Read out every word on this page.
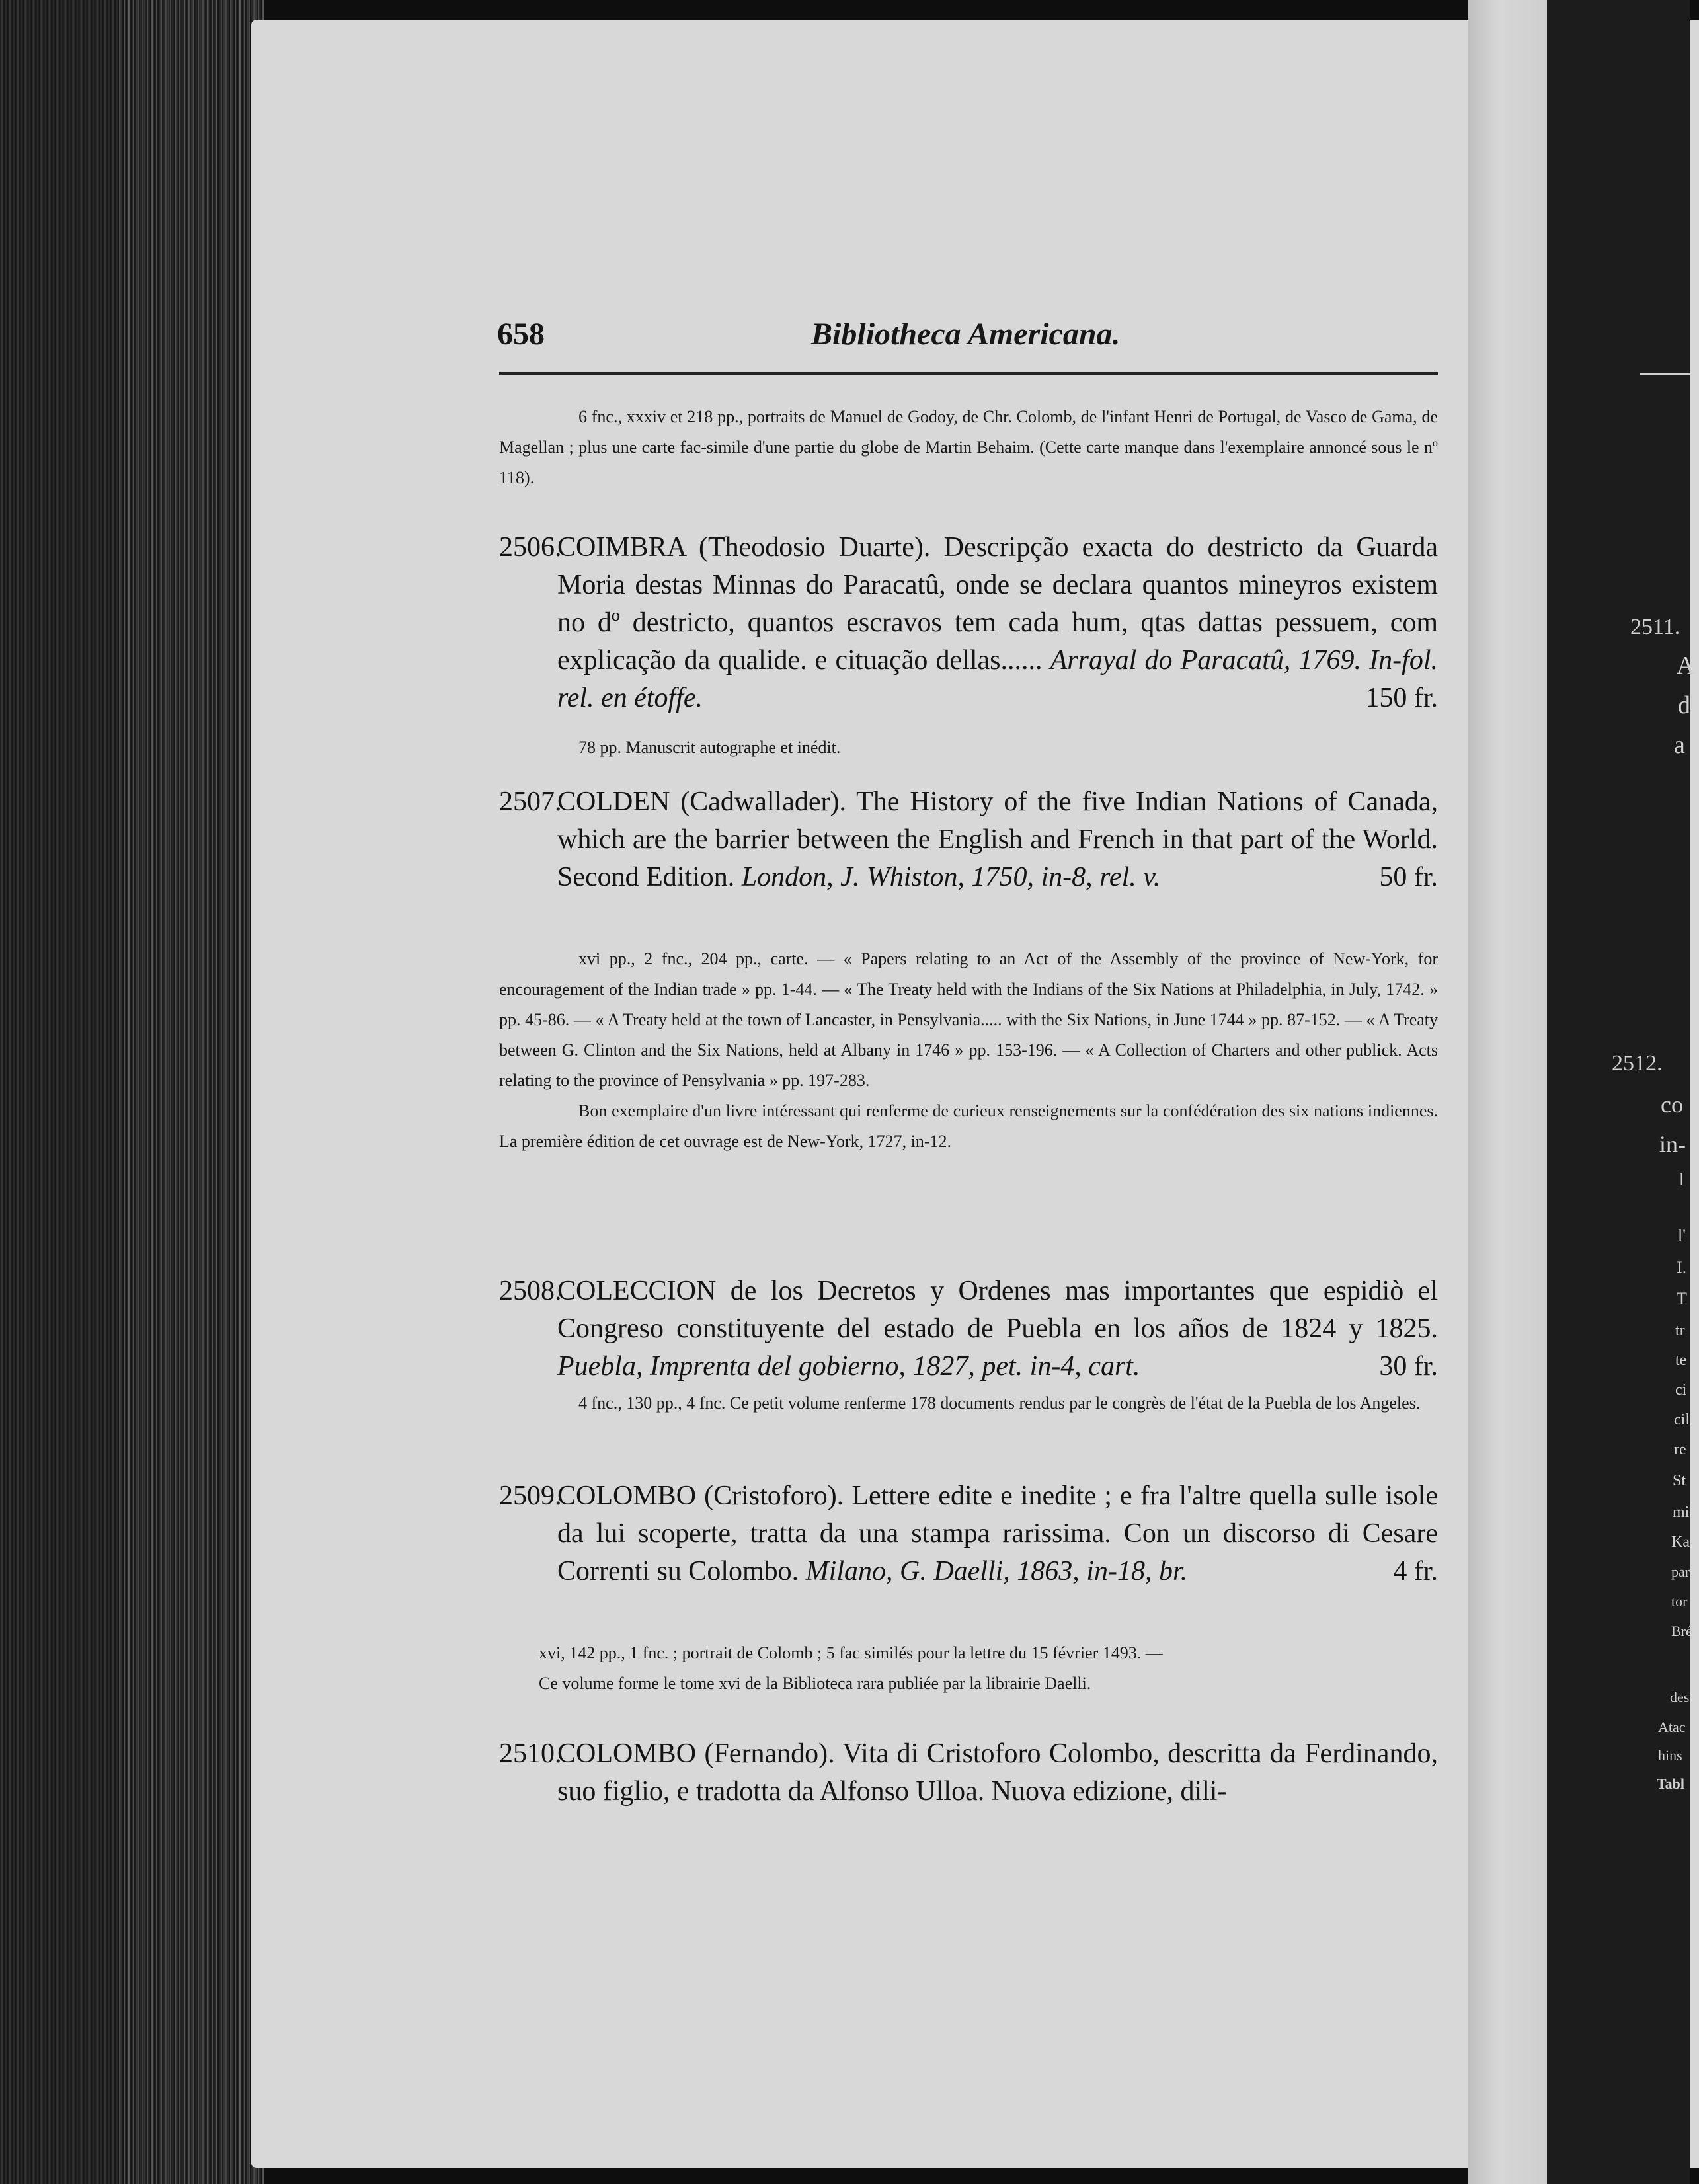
2511.
2512.
A
d
a
co
in-
l
l'
I.
T
tr
te
ci
cil
re
St
mi
Ka
par
tor
Bré
des
Atac
hins
Tabl
658	Bibliotheca Americana.

6 fnc., xxxiv et 218 pp., portraits de Manuel de Godoy, de Chr. Colomb, de l'infant Henri de Portugal, de Vasco de Gama, de Magellan ; plus une carte fac-simile d'une partie du globe de Martin Behaim. (Cette carte manque dans l'exemplaire annoncé sous le nº 118).

2506.
COIMBRA (Theodosio Duarte). Descripção exacta do destricto da Guarda Moria destas Minnas do Paracatû, onde se declara quantos mineyros existem no dº destricto, quantos escravos tem cada hum, qtas dattas pessuem, com explicação da qualide. e cituação dellas...... Arrayal do Paracatû, 1769. In-fol. rel. en étoffe.	150 fr.

78 pp. Manuscrit autographe et inédit.

2507.
COLDEN (Cadwallader). The History of the five Indian Nations of Canada, which are the barrier between the English and French in that part of the World. Second Edition. London, J. Whiston, 1750, in-8, rel. v.	50 fr.

xvi pp., 2 fnc., 204 pp., carte. — « Papers relating to an Act of the Assembly of the province of New-York, for encouragement of the Indian trade » pp. 1-44. — « The Treaty held with the Indians of the Six Nations at Philadelphia, in July, 1742. » pp. 45-86. — « A Treaty held at the town of Lancaster, in Pensylvania..... with the Six Nations, in June 1744 » pp. 87-152. — « A Treaty between G. Clinton and the Six Nations, held at Albany in 1746 » pp. 153-196. — « A Collection of Charters and other publick. Acts relating to the province of Pensylvania » pp. 197-283.

Bon exemplaire d'un livre intéressant qui renferme de curieux renseignements sur la confédération des six nations indiennes. La première édition de cet ouvrage est de New-York, 1727, in-12.

2508.
COLECCION de los Decretos y Ordenes mas importantes que espidiò el Congreso constituyente del estado de Puebla en los años de 1824 y 1825. Puebla, Imprenta del gobierno, 1827, pet. in-4, cart.	30 fr.

4 fnc., 130 pp., 4 fnc. Ce petit volume renferme 178 documents rendus par le congrès de l'état de la Puebla de los Angeles.

2509.
COLOMBO (Cristoforo). Lettere edite e inedite ; e fra l'altre quella sulle isole da lui scoperte, tratta da una stampa rarissima. Con un discorso di Cesare Correnti su Colombo. Milano, G. Daelli, 1863, in-18, br.	4 fr.

xvi, 142 pp., 1 fnc. ; portrait de Colomb ; 5 fac similés pour la lettre du 15 février 1493. —

Ce volume forme le tome xvi de la Biblioteca rara publiée par la librairie Daelli.

2510.
COLOMBO (Fernando). Vita di Cristoforo Colombo, descritta da Ferdinando, suo figlio, e tradotta da Alfonso Ulloa. Nuova edizione, dili-
